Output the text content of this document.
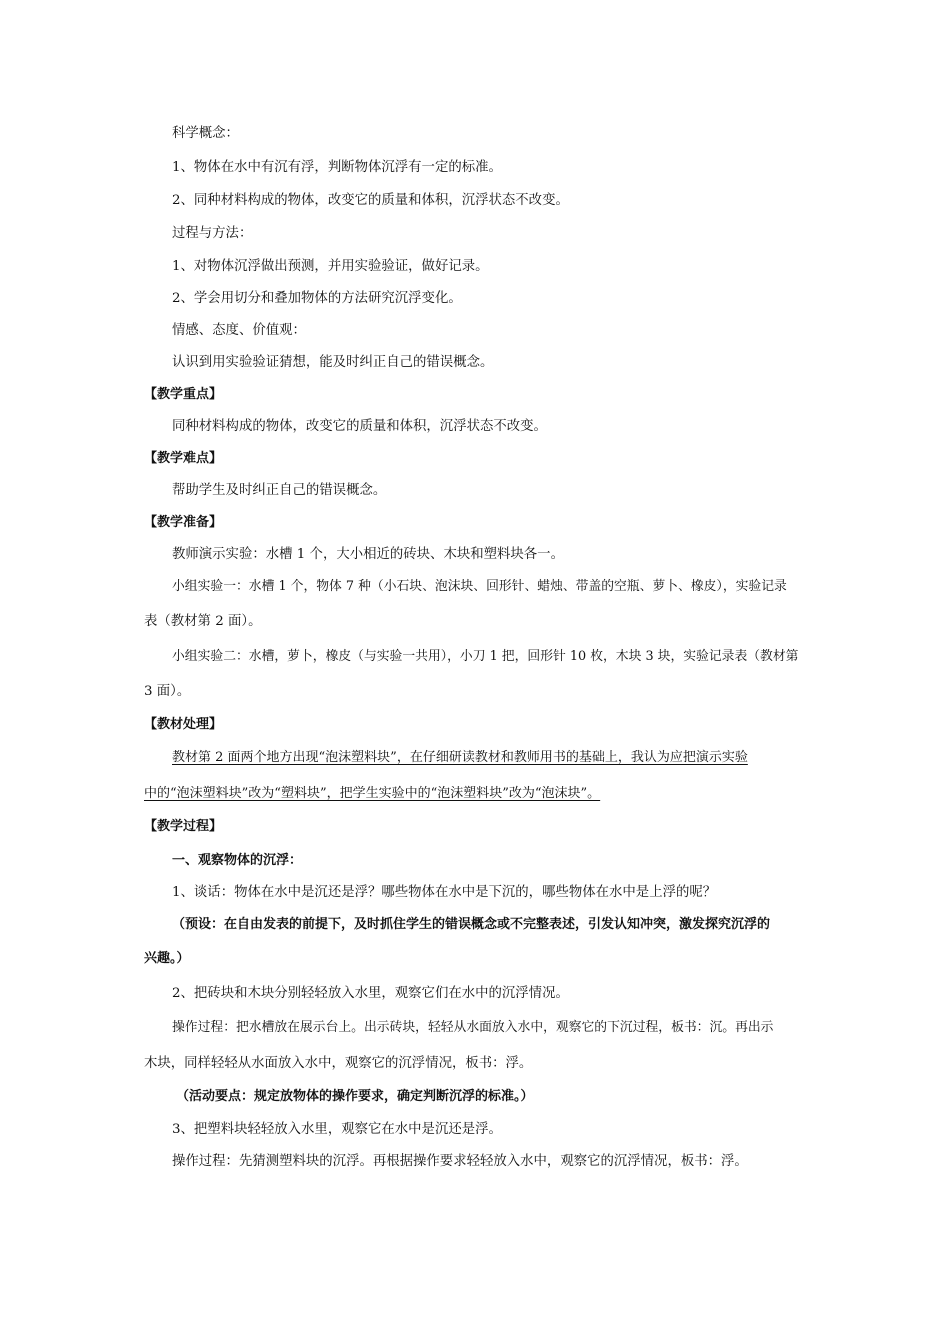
科学概念：
1、物体在水中有沉有浮，判断物体沉浮有一定的标准。
2、同种材料构成的物体，改变它的质量和体积，沉浮状态不改变。
过程与方法：
1、对物体沉浮做出预测，并用实验验证，做好记录。
2、学会用切分和叠加物体的方法研究沉浮变化。
情感、态度、价值观：
认识到用实验验证猜想，能及时纠正自己的错误概念。
【教学重点】
同种材料构成的物体，改变它的质量和体积，沉浮状态不改变。
【教学难点】
帮助学生及时纠正自己的错误概念。
【教学准备】
教师演示实验：水槽 1 个，大小相近的砖块、木块和塑料块各一。
小组实验一：水槽 1 个，物体 7 种（小石块、泡沫块、回形针、蜡烛、带盖的空瓶、萝卜、橡皮），实验记录
表（教材第 2 面）。
小组实验二：水槽，萝卜，橡皮（与实验一共用），小刀 1 把，回形针 10 枚，木块 3 块，实验记录表（教材第
3 面）。
【教材处理】
教材第 2 面两个地方出现“泡沫塑料块”，在仔细研读教材和教师用书的基础上，我认为应把演示实验
中的“泡沫塑料块”改为“塑料块”，把学生实验中的“泡沫塑料块”改为“泡沫块”。
【教学过程】
一、观察物体的沉浮：
1、谈话：物体在水中是沉还是浮？哪些物体在水中是下沉的，哪些物体在水中是上浮的呢？
（预设：在自由发表的前提下，及时抓住学生的错误概念或不完整表述，引发认知冲突，激发探究沉浮的
兴趣。）
2、把砖块和木块分别轻轻放入水里，观察它们在水中的沉浮情况。
操作过程：把水槽放在展示台上。出示砖块，轻轻从水面放入水中，观察它的下沉过程，板书：沉。再出示
木块，同样轻轻从水面放入水中，观察它的沉浮情况，板书：浮。
（活动要点：规定放物体的操作要求，确定判断沉浮的标准。）
3、把塑料块轻轻放入水里，观察它在水中是沉还是浮。
操作过程：先猜测塑料块的沉浮。再根据操作要求轻轻放入水中，观察它的沉浮情况，板书：浮。
